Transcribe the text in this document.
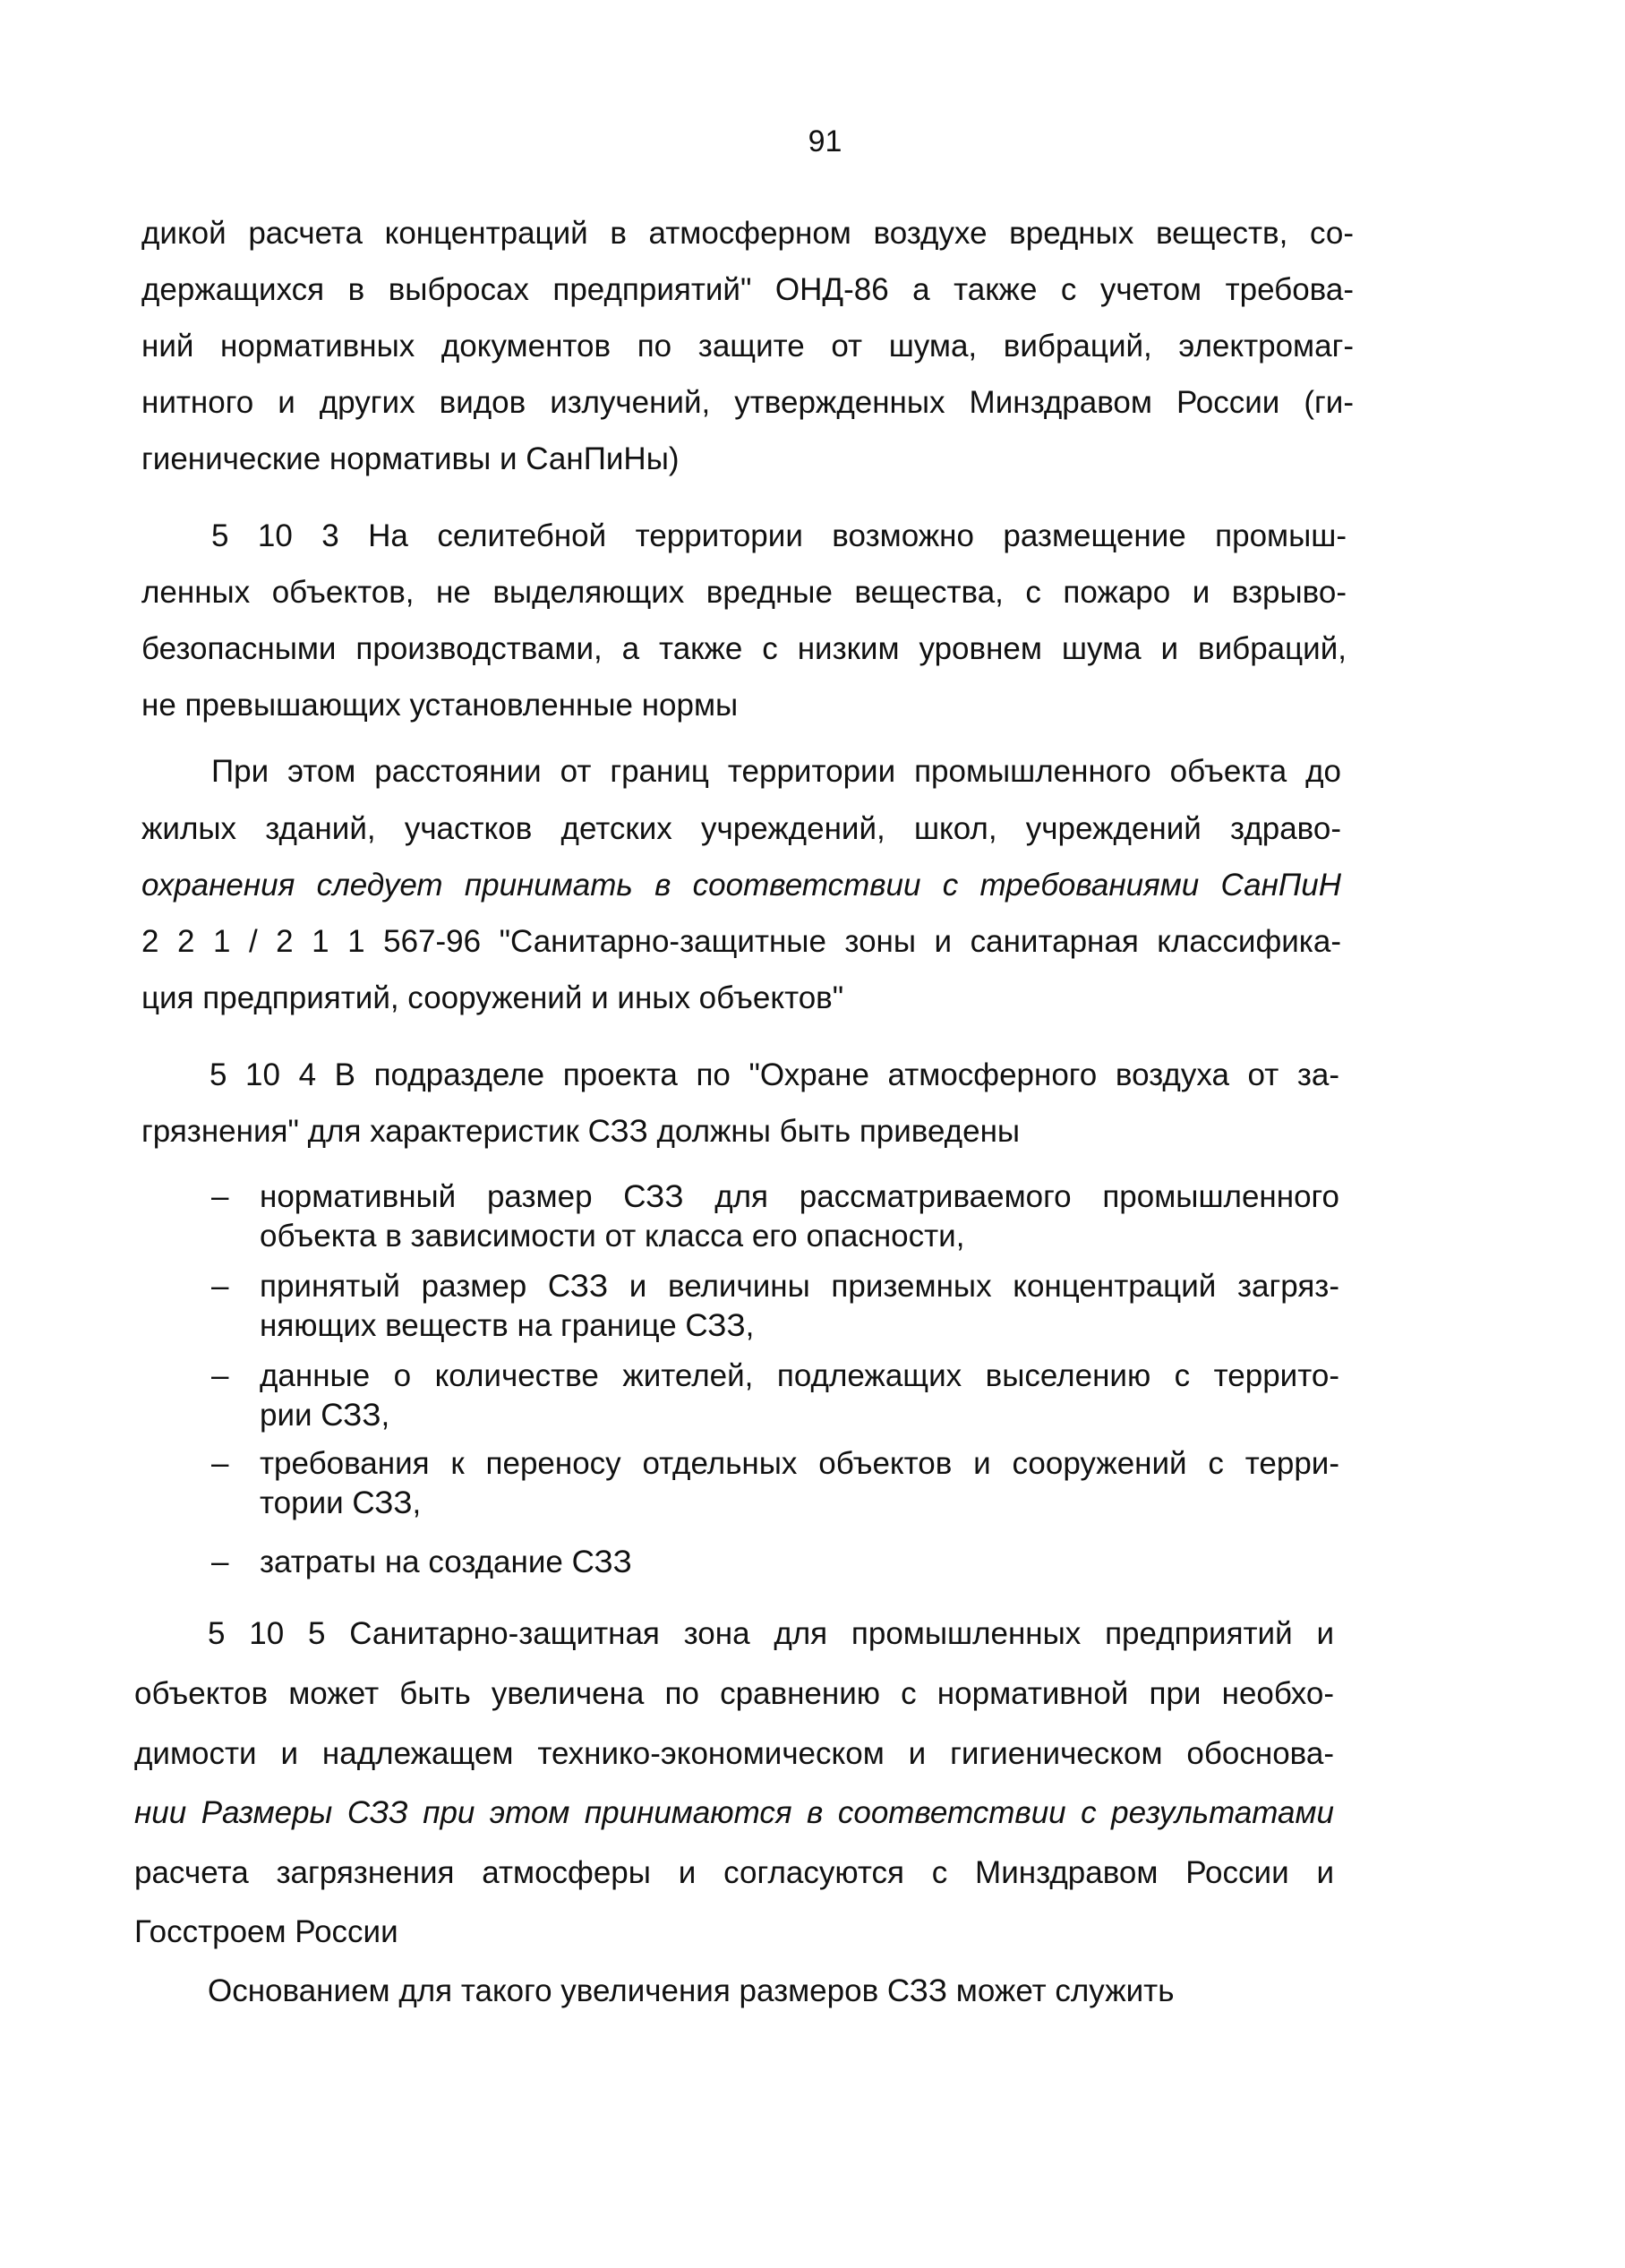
91
дикой расчета концентраций в атмосферном воздухе вредных веществ, со-
держащихся в выбросах предприятий" ОНД-86 а также с учетом требова-
ний нормативных документов по защите от шума, вибраций, электромаг-
нитного и других видов излучений, утвержденных Минздравом России (ги-
гиенические нормативы и СанПиНы)
5 10 3 На селитебной территории возможно размещение промыш-
ленных объектов, не выделяющих вредные вещества, с пожаро и взрыво-
безопасными производствами, а также с низким уровнем шума и вибраций,
не превышающих установленные нормы
При этом расстоянии от границ территории промышленного объекта до
жилых зданий, участков детских учреждений, школ, учреждений здраво-
охранения следует принимать в соответствии с требованиями СанПиН
2 2 1 / 2 1 1 567-96 "Санитарно-защитные зоны и санитарная классифика-
ция предприятий, сооружений и иных объектов"
5 10 4 В подразделе проекта по "Охране атмосферного воздуха от за-
грязнения" для характеристик СЗЗ должны быть приведены
– нормативный размер СЗЗ для рассматриваемого промышленного
объекта в зависимости от класса его опасности,
– принятый размер СЗЗ и величины приземных концентраций загряз-
няющих веществ на границе СЗЗ,
– данные о количестве жителей, подлежащих выселению с террито-
рии СЗЗ,
– требования к переносу отдельных объектов и сооружений с терри-
тории СЗЗ,
– затраты на создание СЗЗ
5 10 5 Санитарно-защитная зона для промышленных предприятий и
объектов может быть увеличена по сравнению с нормативной при необхо-
димости и надлежащем технико-экономическом и гигиеническом обоснова-
нии Размеры СЗЗ при этом принимаются в соответствии с результатами
расчета загрязнения атмосферы и согласуются с Минздравом России и
Госстроем России
Основанием для такого увеличения размеров СЗЗ может служить
